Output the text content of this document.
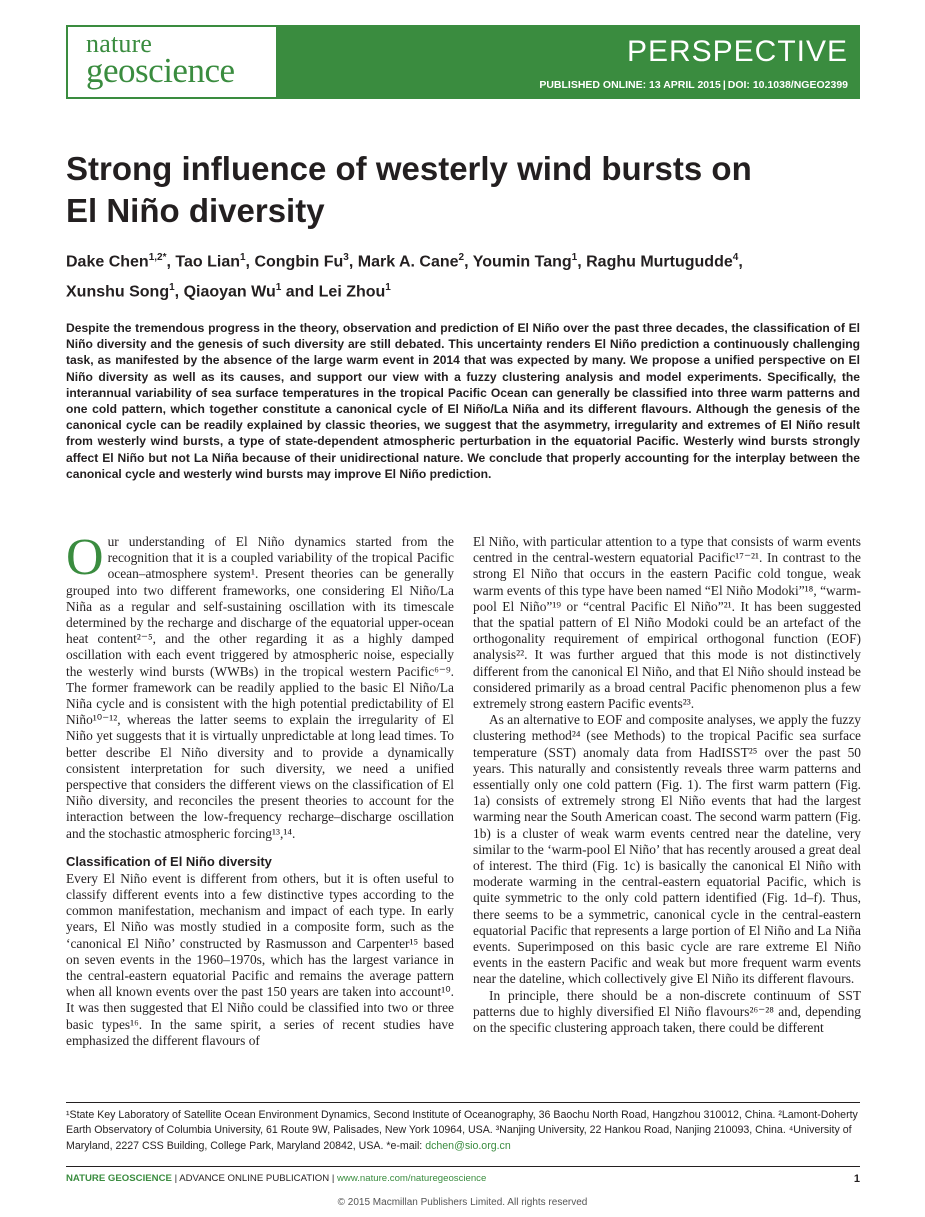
nature
geoscience	PERSPECTIVE
PUBLISHED ONLINE: 13 APRIL 2015 | DOI: 10.1038/NGEO2399
Strong influence of westerly wind bursts on
El Niño diversity
Dake Chen$^{1,2*}$, Tao Lian$^1$, Congbin Fu$^3$, Mark A. Cane$^2$, Youmin Tang$^1$, Raghu Murtugudde$^4$,
Xunshu Song$^1$, Qiaoyan Wu$^1$ and Lei Zhou$^1$
Despite the tremendous progress in the theory, observation and prediction of El Niño over the past three decades, the classification of El Niño diversity and the genesis of such diversity are still debated. This uncertainty renders El Niño prediction a continuously challenging task, as manifested by the absence of the large warm event in 2014 that was expected by many. We propose a unified perspective on El Niño diversity as well as its causes, and support our view with a fuzzy clustering analysis and model experiments. Specifically, the interannual variability of sea surface temperatures in the tropical Pacific Ocean can generally be classified into three warm patterns and one cold pattern, which together constitute a canonical cycle of El Niño/La Niña and its different flavours. Although the genesis of the canonical cycle can be readily explained by classic theories, we suggest that the asymmetry, irregularity and extremes of El Niño result from westerly wind bursts, a type of state-dependent atmospheric perturbation in the equatorial Pacific. Westerly wind bursts strongly affect El Niño but not La Niña because of their unidirectional nature. We conclude that properly accounting for the interplay between the canonical cycle and westerly wind bursts may improve El Niño prediction.

Our understanding of El Niño dynamics started from the recognition that it is a coupled variability of the tropical Pacific ocean–atmosphere system¹. Present theories can be generally grouped into two different frameworks, one considering El Niño/La Niña as a regular and self-sustaining oscillation with its timescale determined by the recharge and discharge of the equatorial upper-ocean heat content²⁻⁵, and the other regarding it as a highly damped oscillation with each event triggered by atmospheric noise, especially the westerly wind bursts (WWBs) in the tropical western Pacific⁶⁻⁹. The former framework can be readily applied to the basic El Niño/La Niña cycle and is consistent with the high potential predictability of El Niño¹⁰⁻¹², whereas the latter seems to explain the irregularity of El Niño yet suggests that it is virtually unpredictable at long lead times. To better describe El Niño diversity and to provide a dynamically consistent interpretation for such diversity, we need a unified perspective that considers the different views on the classification of El Niño diversity, and reconciles the present theories to account for the interaction between the low-frequency recharge–discharge oscillation and the stochastic atmospheric forcing¹³,¹⁴.

Classification of El Niño diversity

Every El Niño event is different from others, but it is often useful to classify different events into a few distinctive types according to the common manifestation, mechanism and impact of each type. In early years, El Niño was mostly studied in a composite form, such as the ‘canonical El Niño’ constructed by Rasmusson and Carpenter¹⁵ based on seven events in the 1960–1970s, which has the largest variance in the central-eastern equatorial Pacific and remains the average pattern when all known events over the past 150 years are taken into account¹⁰. It was then suggested that El Niño could be classified into two or three basic types¹⁶. In the same spirit, a series of recent studies have emphasized the different flavours of

El Niño, with particular attention to a type that consists of warm events centred in the central-western equatorial Pacific¹⁷⁻²¹. In contrast to the strong El Niño that occurs in the eastern Pacific cold tongue, weak warm events of this type have been named “El Niño Modoki”¹⁸, “warm-pool El Niño”¹⁹ or “central Pacific El Niño”²¹. It has been suggested that the spatial pattern of El Niño Modoki could be an artefact of the orthogonality requirement of empirical orthogonal function (EOF) analysis²². It was further argued that this mode is not distinctively different from the canonical El Niño, and that El Niño should instead be considered primarily as a broad central Pacific phenomenon plus a few extremely strong eastern Pacific events²³.

As an alternative to EOF and composite analyses, we apply the fuzzy clustering method²⁴ (see Methods) to the tropical Pacific sea surface temperature (SST) anomaly data from HadISST²⁵ over the past 50 years. This naturally and consistently reveals three warm patterns and essentially only one cold pattern (Fig. 1). The first warm pattern (Fig. 1a) consists of extremely strong El Niño events that had the largest warming near the South American coast. The second warm pattern (Fig. 1b) is a cluster of weak warm events centred near the dateline, very similar to the ‘warm-pool El Niño’ that has recently aroused a great deal of interest. The third (Fig. 1c) is basically the canonical El Niño with moderate warming in the central-eastern equatorial Pacific, which is quite symmetric to the only cold pattern identified (Fig. 1d–f). Thus, there seems to be a symmetric, canonical cycle in the central-eastern equatorial Pacific that represents a large portion of El Niño and La Niña events. Superimposed on this basic cycle are rare extreme El Niño events in the eastern Pacific and weak but more frequent warm events near the dateline, which collectively give El Niño its different flavours.

In principle, there should be a non-discrete continuum of SST patterns due to highly diversified El Niño flavours²⁶⁻²⁸ and, depending on the specific clustering approach taken, there could be different

¹State Key Laboratory of Satellite Ocean Environment Dynamics, Second Institute of Oceanography, 36 Baochu North Road, Hangzhou 310012, China. ²Lamont-Doherty Earth Observatory of Columbia University, 61 Route 9W, Palisades, New York 10964, USA. ³Nanjing University, 22 Hankou Road, Nanjing 210093, China. ⁴University of Maryland, 2227 CSS Building, College Park, Maryland 20842, USA. *e-mail: dchen@sio.org.cn
NATURE GEOSCIENCE | ADVANCE ONLINE PUBLICATION | www.nature.com/naturegeoscience	1
© 2015 Macmillan Publishers Limited. All rights reserved
